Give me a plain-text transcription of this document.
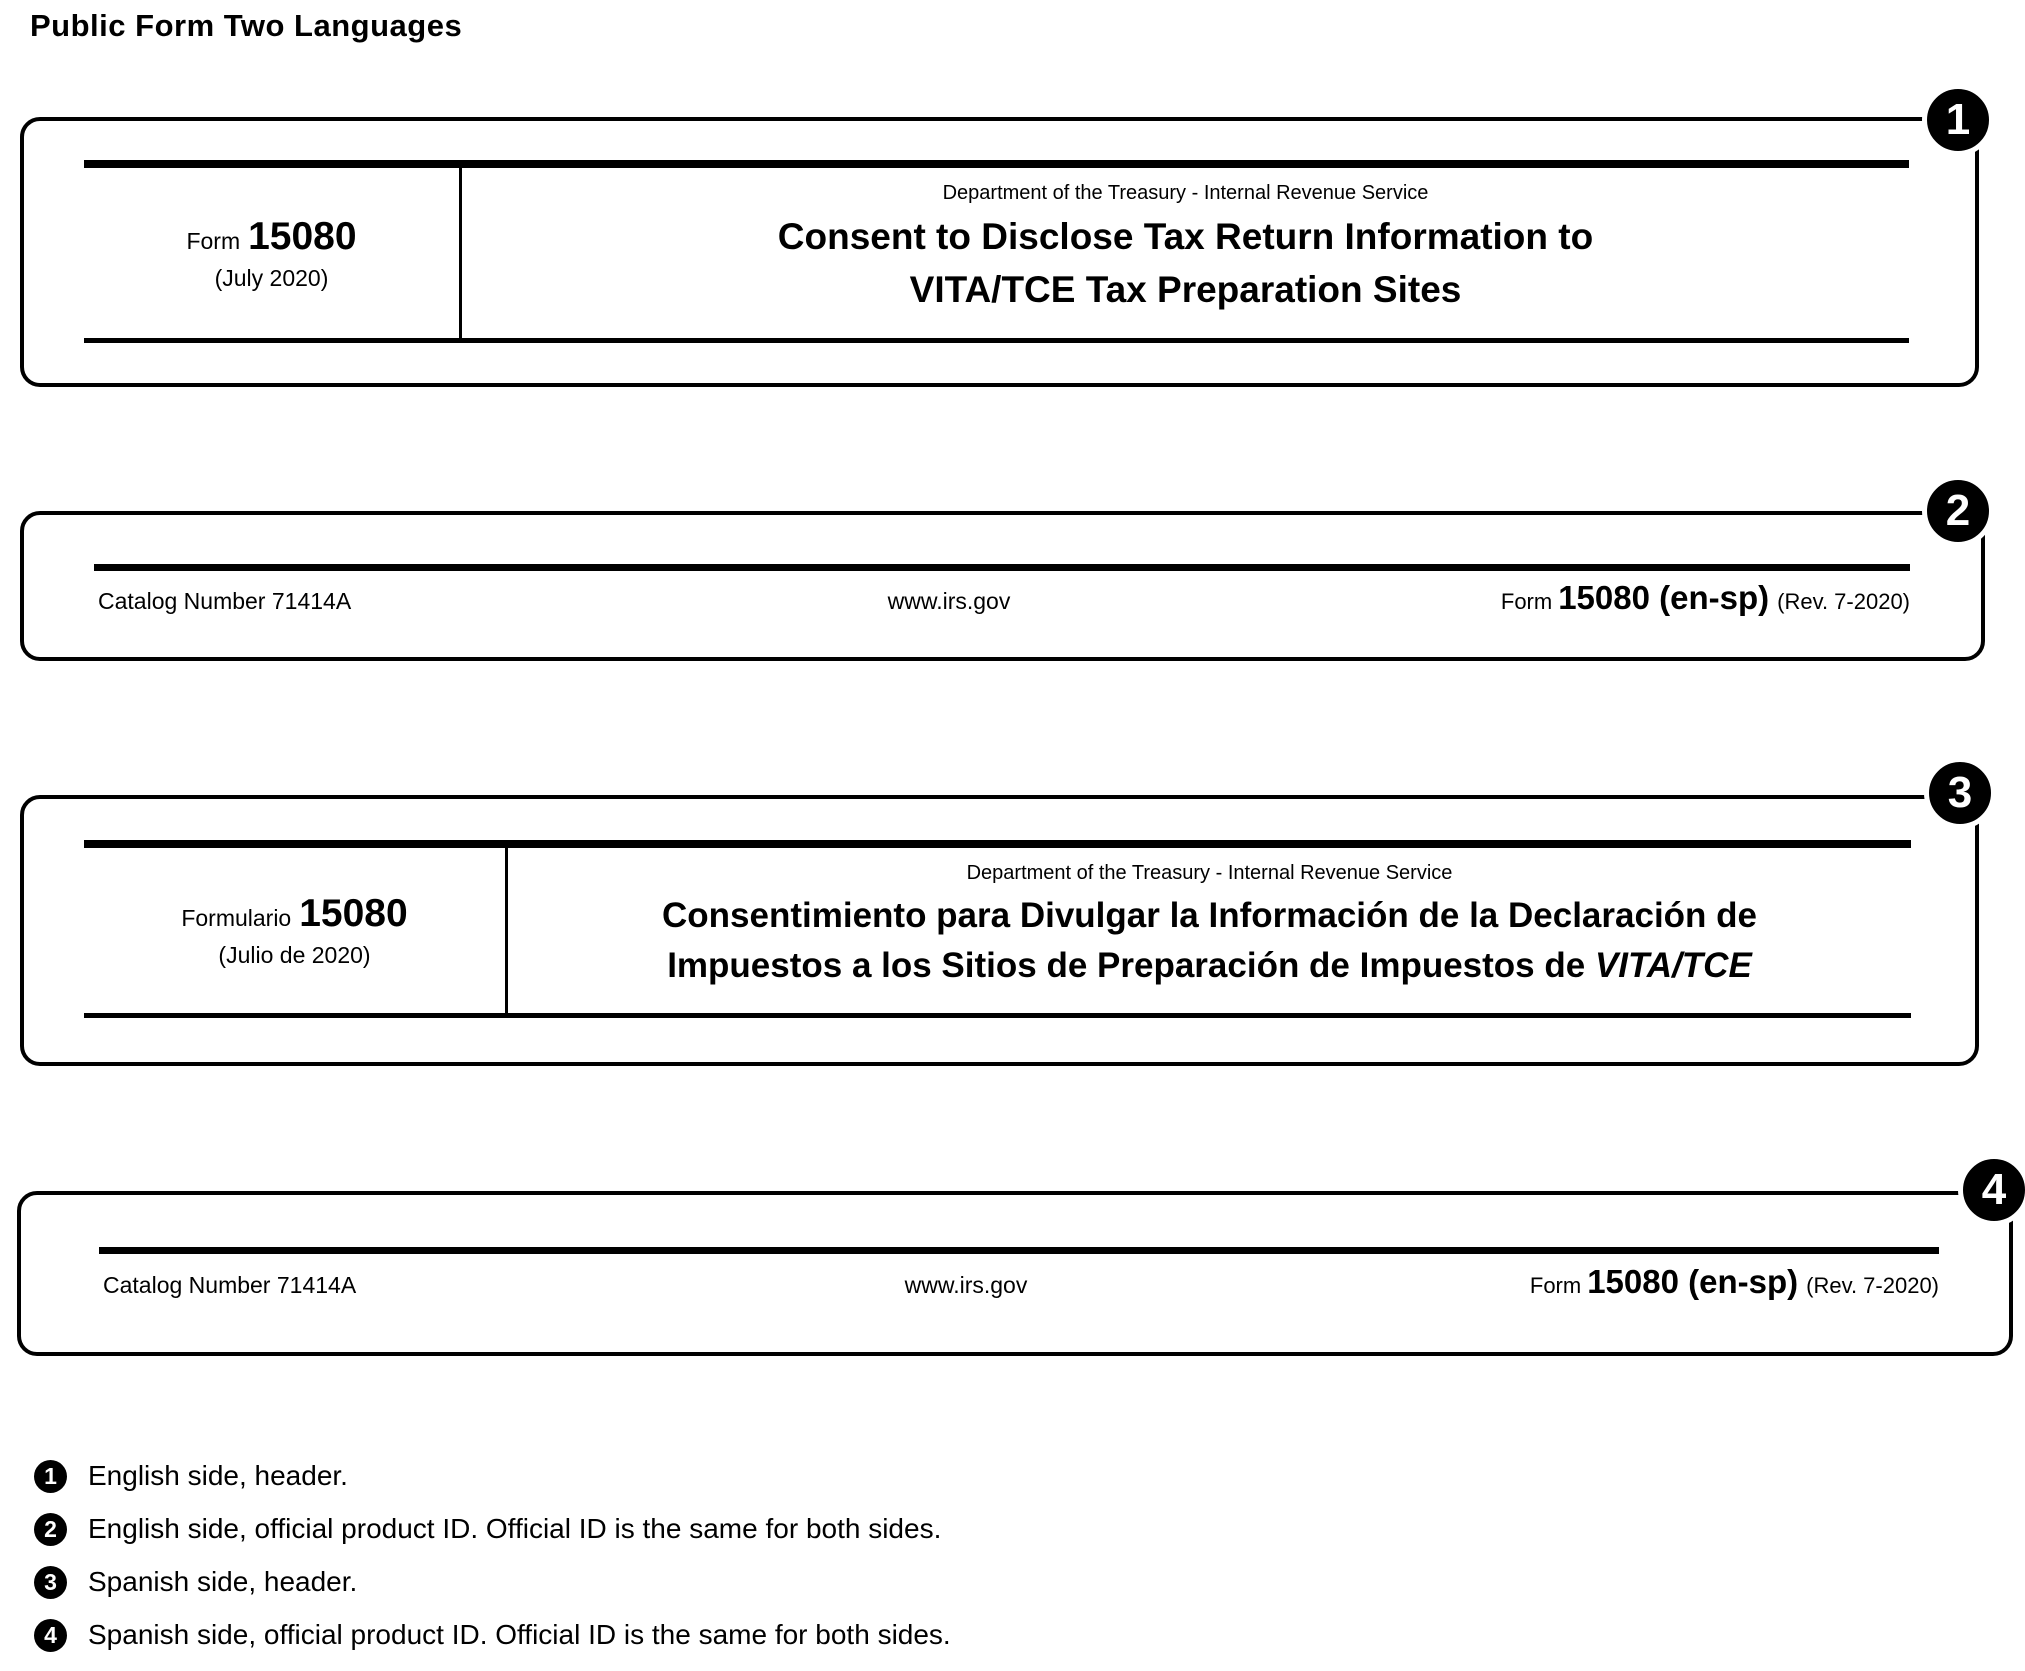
Public Form Two Languages
Form 15080
(July 2020)
Department of the Treasury - Internal Revenue Service
Consent to Disclose Tax Return Information to
VITA/TCE Tax Preparation Sites
1
Catalog Number 71414A	www.irs.gov	Form 15080 (en-sp) (Rev. 7-2020)
2
Formulario 15080
(Julio de 2020)
Department of the Treasury - Internal Revenue Service
Consentimiento para Divulgar la Información de la Declaración de
Impuestos a los Sitios de Preparación de Impuestos de VITA/TCE
3
Catalog Number 71414A	www.irs.gov	Form 15080 (en-sp) (Rev. 7-2020)
4
1	English side, header.
2	English side, official product ID. Official ID is the same for both sides.
3	Spanish side, header.
4	Spanish side, official product ID. Official ID is the same for both sides.
